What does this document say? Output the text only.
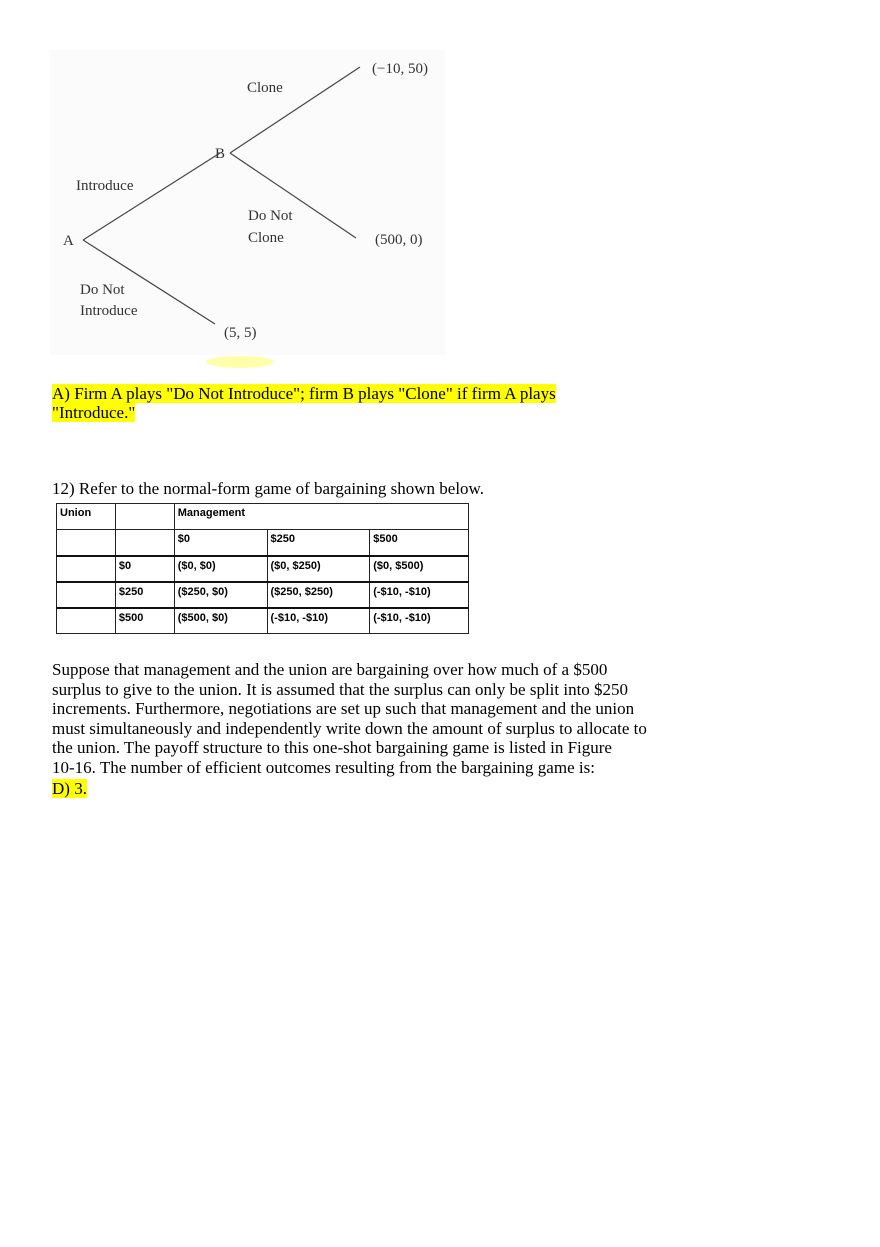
A
B
Introduce
Do Not
Introduce
Clone
Do Not
Clone
(−10, 50)
(500, 0)
(5, 5)
A) Firm A plays "Do Not Introduce"; firm B plays "Clone" if firm A plays
"Introduce."
12) Refer to the normal-form game of bargaining shown below.
Union		Management		
		$0	$250	$500
	$0	($0, $0)	($0, $250)	($0, $500)
	$250	($250, $0)	($250, $250)	(-$10, -$10)
	$500	($500, $0)	(-$10, -$10)	(-$10, -$10)
Suppose that management and the union are bargaining over how much of a $500
surplus to give to the union. It is assumed that the surplus can only be split into $250
increments. Furthermore, negotiations are set up such that management and the union
must simultaneously and independently write down the amount of surplus to allocate to
the union. The payoff structure to this one-shot bargaining game is listed in Figure
10-16. The number of efficient outcomes resulting from the bargaining game is:
D) 3.
